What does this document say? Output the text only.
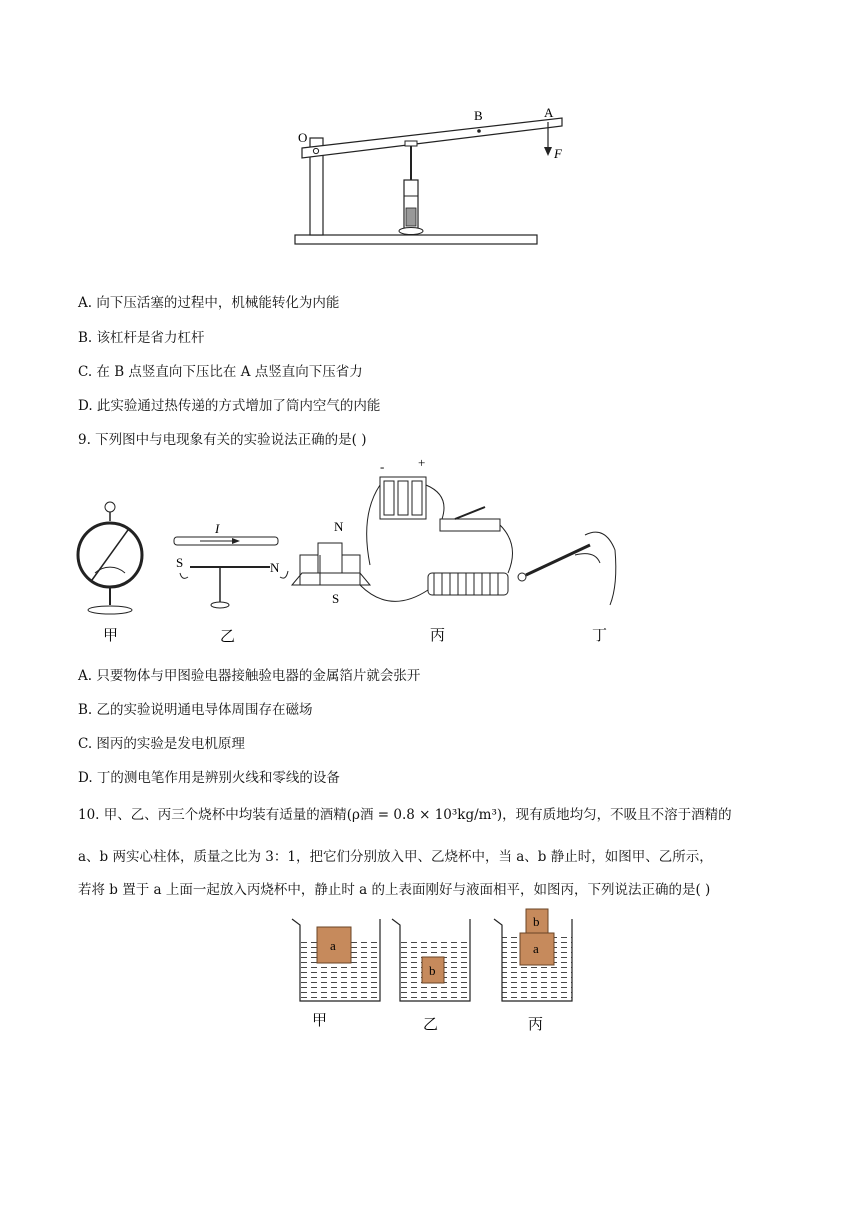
O
B	A
F
A. 向下压活塞的过程中，机械能转化为内能
B. 该杠杆是省力杠杆
C. 在 B 点竖直向下压比在 A 点竖直向下压省力
D. 此实验通过热传递的方式增加了筒内空气的内能
9. 下列图中与电现象有关的实验说法正确的是( )
I
S	N
-	+
N
S
甲	乙	丙	丁
A. 只要物体与甲图验电器接触验电器的金属箔片就会张开
B. 乙的实验说明通电导体周围存在磁场
C. 图丙的实验是发电机原理
D. 丁的测电笔作用是辨别火线和零线的设备
10. 甲、乙、丙三个烧杯中均装有适量的酒精(ρ酒 = 0.8 × 10³kg/m³)，现有质地均匀，不吸且不溶于酒精的
a、b 两实心柱体，质量之比为 3：1，把它们分别放入甲、乙烧杯中，当 a、b 静止时，如图甲、乙所示，
若将 b 置于 a 上面一起放入丙烧杯中，静止时 a 的上表面刚好与液面相平，如图丙，下列说法正确的是( )
a
b
a
b
甲	乙	丙
